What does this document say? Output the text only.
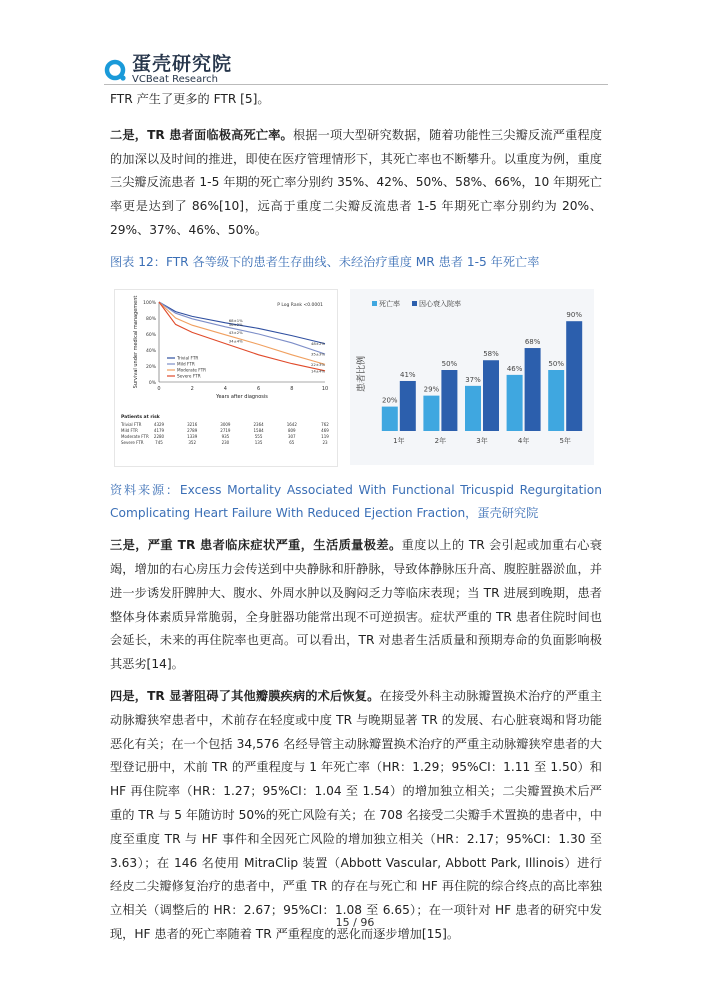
蛋壳研究院
VCBeat Research

FTR 产生了更多的 FTR [5]。

二是，TR 患者面临极高死亡率。根据一项大型研究数据，随着功能性三尖瓣反流严重程度的加深以及时间的推进，即使在医疗管理情形下，其死亡率也不断攀升。以重度为例，重度三尖瓣反流患者 1-5 年期的死亡率分别约 35%、42%、50%、58%、66%，10 年期死亡率更是达到了 86%[10]，远高于重度二尖瓣反流患者 1-5 年期死亡率分别约为 20%、29%、37%、46%、50%。

图表 12：FTR 各等级下的患者生存曲线、未经治疗重度 MR 患者 1-5 年死亡率

0%
20%
40%
60%
80%
100%
0	2	4	6	8	10
Years after diagnosis
Survival under medical management	P Log Rank <0.0001
48±2%
68±1%
Trivial FTR
35±3%
56±2%
Mild FTR	22±3%
43±2%
Moderate FTR	14±4%
34±4%
Severe FTR
Patients at risk
Trivial FTR	4329	3216	3009	2364	1642	762
Mild FTR	4179	2789	2719	1584	809	469
Moderate FTR 2280	1339	935	555	307	119
Severe FTR	745	352	230	135	65	23
死亡率	因心衰入院率
患者比例
20%
41%
1年
29%
50%
2年
37%
58%
3年
46%
68%
4年
50%
90%
5年

资料来源：Excess Mortality Associated With Functional Tricuspid Regurgitation Complicating Heart Failure With Reduced Ejection Fraction，蛋壳研究院

三是，严重 TR 患者临床症状严重，生活质量极差。重度以上的 TR 会引起或加重右心衰竭，增加的右心房压力会传送到中央静脉和肝静脉，导致体静脉压升高、腹腔脏器淤血，并进一步诱发肝脾肿大、腹水、外周水肿以及胸闷乏力等临床表现；当 TR 进展到晚期，患者整体身体素质异常脆弱，全身脏器功能常出现不可逆损害。症状严重的 TR 患者住院时间也会延长，未来的再住院率也更高。可以看出，TR 对患者生活质量和预期寿命的负面影响极其恶劣[14]。

四是，TR 显著阻碍了其他瓣膜疾病的术后恢复。在接受外科主动脉瓣置换术治疗的严重主动脉瓣狭窄患者中，术前存在轻度或中度 TR 与晚期显著 TR 的发展、右心脏衰竭和肾功能恶化有关；在一个包括 34,576 名经导管主动脉瓣置换术治疗的严重主动脉瓣狭窄患者的大型登记册中，术前 TR 的严重程度与 1 年死亡率（HR：1.29；95%CI：1.11 至 1.50）和 HF 再住院率（HR：1.27；95%CI：1.04 至 1.54）的增加独立相关；二尖瓣置换术后严重的 TR 与 5 年随访时 50%的死亡风险有关；在 708 名接受二尖瓣手术置换的患者中，中度至重度 TR 与 HF 事件和全因死亡风险的增加独立相关（HR：2.17；95%CI：1.30 至 3.63）；在 146 名使用 MitraClip 装置（Abbott Vascular, Abbott Park, Illinois）进行经皮二尖瓣修复治疗的患者中，严重 TR 的存在与死亡和 HF 再住院的综合终点的高比率独立相关（调整后的 HR：2.67；95%CI：1.08 至 6.65）；在一项针对 HF 患者的研究中发现，HF 患者的死亡率随着 TR 严重程度的恶化而逐步增加[15]。

15 / 96
